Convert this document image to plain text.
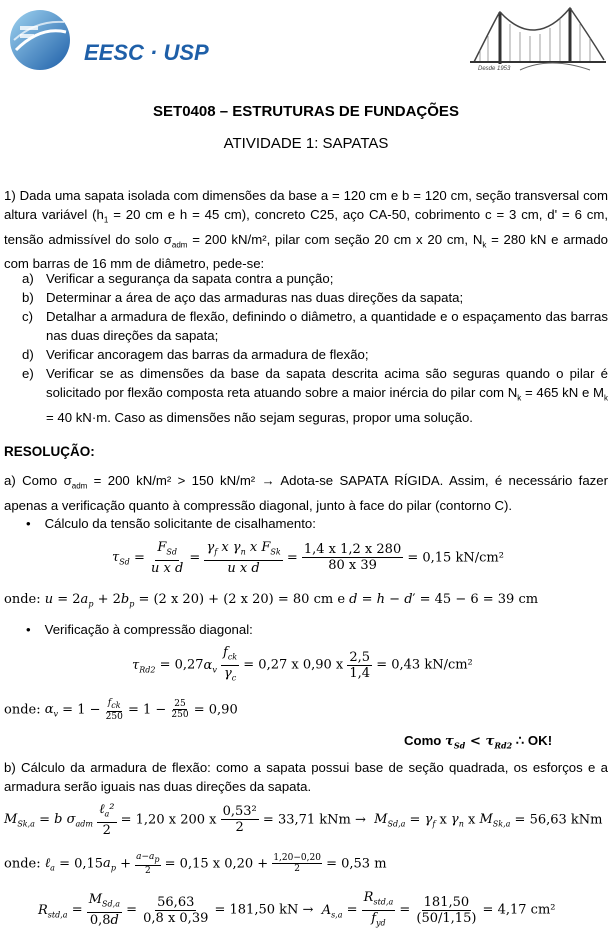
EESC · USP
Desde 1953
SET0408 – ESTRUTURAS DE FUNDAÇÕES
ATIVIDADE 1: SAPATAS
1) Dada uma sapata isolada com dimensões da base a = 120 cm e b = 120 cm, seção transversal com altura variável ($h_1 = 20$ cm e h = 45 cm), concreto C25, aço CA-50, cobrimento c = 3 cm, d' = 6 cm, tensão admissível do solo $\sigma_{adm} = 200$ kN/m², pilar com seção 20 cm x 20 cm, $N_k = 280$ kN e armado com barras de 16 mm de diâmetro, pede-se:
a) Verificar a segurança da sapata contra a punção;
b) Determinar a área de aço das armaduras nas duas direções da sapata;
c) Detalhar a armadura de flexão, definindo o diâmetro, a quantidade e o espaçamento das barras nas duas direções da sapata;
d) Verificar ancoragem das barras da armadura de flexão;
e) Verificar se as dimensões da base da sapata descrita acima são seguras quando o pilar é solicitado por flexão composta reta atuando sobre a maior inércia do pilar com $N_k = 465$ kN e $M_k = 40$ kN·m. Caso as dimensões não sejam seguras, propor uma solução.
RESOLUÇÃO:
a) Como $\sigma_{adm} = 200$ kN/m² > 150 kN/m² → Adota-se SAPATA RÍGIDA. Assim, é necessário fazer apenas a verificação quanto à compressão diagonal, junto à face do pilar (contorno C).
• Cálculo da tensão solicitante de cisalhamento:
$\tau_{Sd} = \frac{F_{Sd}}{\text{u x d}} = \frac{\gamma_f x \gamma_n x F_{Sk}}{\text{u x d}} = \frac{1,4 x 1,2 x 280}{80 x 39} = 0,15$ kN/cm²
onde: $u = 2a_p + 2b_p = (2$ x 20) + (2 x 20) = 80 cm e d = h − d′ = 45 − 6 = 39 cm
• Verificação à compressão diagonal:
$\tau_{Rd2} = 0,27\alpha_v \frac{f_{ck}}{\gamma_c} = 0,27$ x 0,90 x $\frac{2,5}{1,4} = 0,43$ kN/cm²
onde: $\alpha_v = 1 - f_{ck}$
$250 = 1 - \frac{25}{250} = 0,90$
Como $\tau_{Sd} < \tau_{Rd2}$ ∴ OK!
b) Cálculo da armadura de flexão: como a sapata possui base de seção quadrada, os esforços e a armadura serão iguais nas duas direções da sapata.
$M_{Sk,a} = b$ $\sigma_{adm} \frac{\ell_a^2}{2} = 1,20$ x 200 x $\frac{\text{0,53²}}{2} = 33,71$ kNm →  $M_{Sd,a} = \gamma_f$ x $\gamma_n$ x $M_{Sk,a} = 56,63$ kNm
onde: ℓ$_a$ = $0,15a_p + \frac{a-a_p}{2} = 0,15$ x $0,20 + \frac{1,20-0,20}{2} = 0,53$ m
$R_{std,a} = \frac{M_{Sd,a}}{0,8d} = \frac{56,63}{0,8 x 0,39} = 181,50$ kN →  $A_{s,a} = \frac{R_{std,a}}{f_{yd}} = \frac{181,50}{(50/1,15)} = 4,17$ cm²
